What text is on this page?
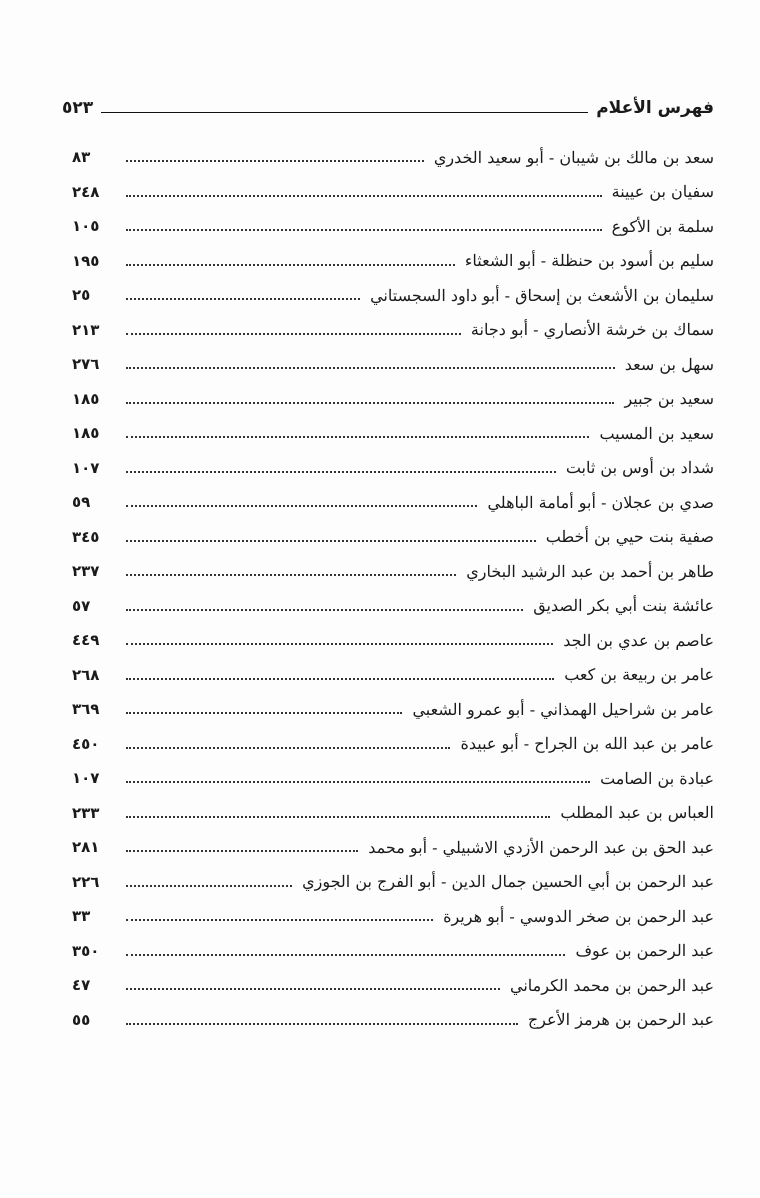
فهرس الأعلام
٥٢٣
سعد بن مالك بن شيبان - أبو سعيد الخدري
٨٣
سفيان بن عيينة
٢٤٨
سلمة بن الأكوع
١٠٥
سليم بن أسود بن حنظلة - أبو الشعثاء
١٩٥
سليمان بن الأشعث بن إسحاق - أبو داود السجستاني
٢٥
سماك بن خرشة الأنصاري - أبو دجانة
٢١٣
سهل بن سعد
٢٧٦
سعيد بن جبير
١٨٥
سعيد بن المسيب
١٨٥
شداد بن أوس بن ثابت
١٠٧
صدي بن عجلان - أبو أمامة الباهلي
٥٩
صفية بنت حيي بن أخطب
٣٤٥
طاهر بن أحمد بن عبد الرشيد البخاري
٢٣٧
عائشة بنت أبي بكر الصديق
٥٧
عاصم بن عدي بن الجد
٤٤٩
عامر بن ربيعة بن كعب
٢٦٨
عامر بن شراحيل الهمذاني - أبو عمرو الشعبي
٣٦٩
عامر بن عبد الله بن الجراح - أبو عبيدة
٤٥٠
عبادة بن الصامت
١٠٧
العباس بن عبد المطلب
٢٣٣
عبد الحق بن عبد الرحمن الأزدي الاشبيلي - أبو محمد
٢٨١
عبد الرحمن بن أبي الحسين جمال الدين - أبو الفرج بن الجوزي
٢٢٦
عبد الرحمن بن صخر الدوسي - أبو هريرة
٣٣
عبد الرحمن بن عوف
٣٥٠
عبد الرحمن بن محمد الكرماني
٤٧
عبد الرحمن بن هرمز الأعرج
٥٥
